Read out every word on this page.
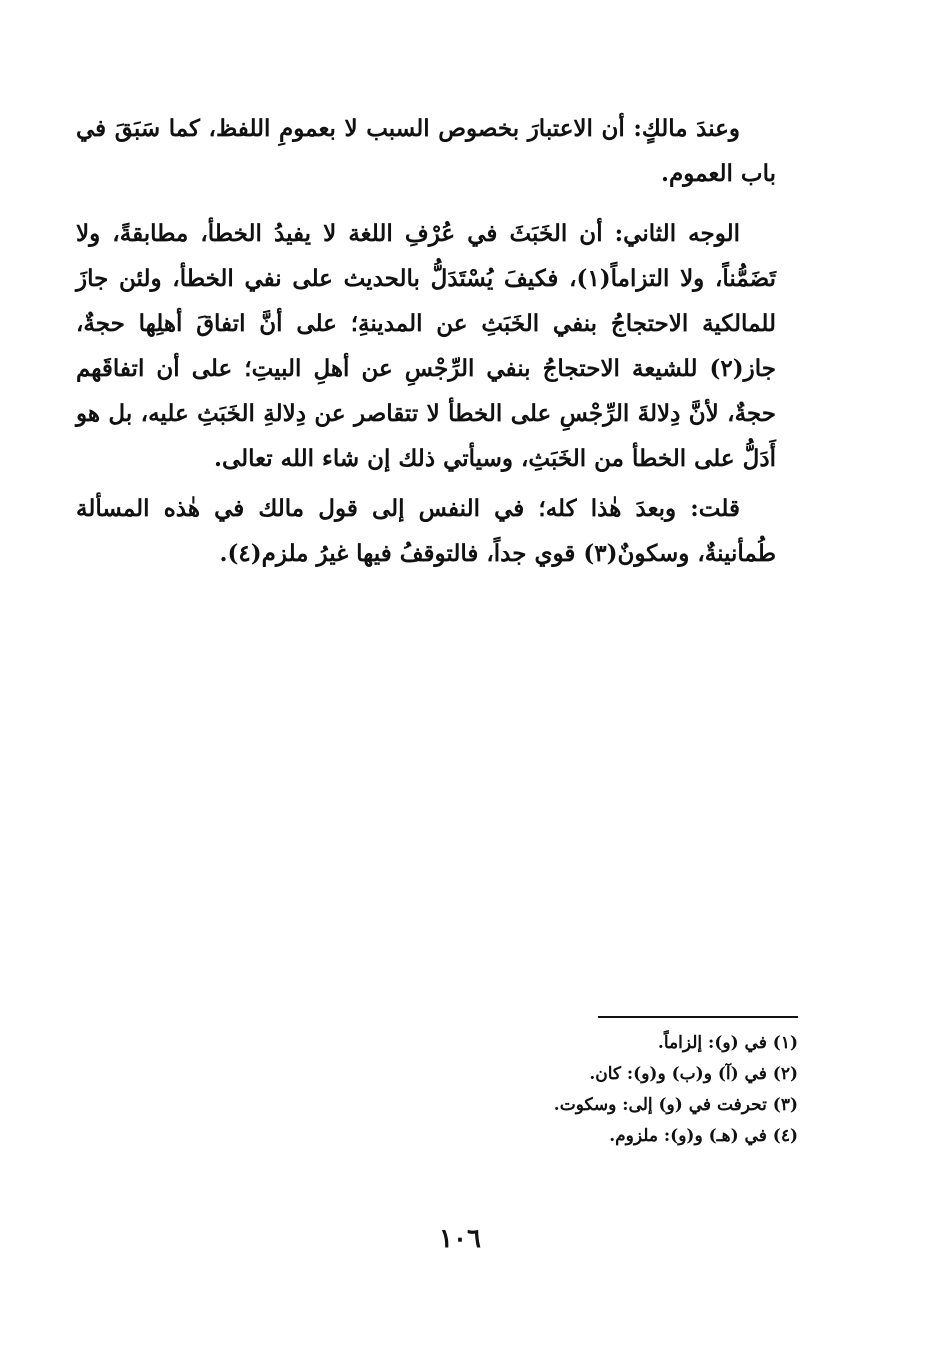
وعندَ مالكٍ: أن الاعتبارَ بخصوص السبب لا بعمومِ اللفظ، كما سَبَقَ في باب العموم.

الوجه الثاني: أن الخَبَثَ في عُرْفِ اللغة لا يفيدُ الخطأ، مطابقةً، ولا تَضَمُّناً، ولا التزاماً(١)، فكيفَ يُسْتَدَلُّ بالحديث على نفي الخطأ، ولئن جازَ للمالكية الاحتجاجُ بنفي الخَبَثِ عن المدينةِ؛ على أنَّ اتفاقَ أهلِها حجةٌ، جاز(٢) للشيعة الاحتجاجُ بنفي الرِّجْسِ عن أهلِ البيتِ؛ على أن اتفاقَهم حجةٌ، لأنَّ دِلالةَ الرِّجْسِ على الخطأ لا تتقاصر عن دِلالةِ الخَبَثِ عليه، بل هو أَدَلُّ على الخطأ من الخَبَثِ، وسيأتي ذلك إن شاء الله تعالى.

قلت: وبعدَ هٰذا كله؛ في النفس إلى قول مالك في هٰذه المسألة طُمأنينةٌ، وسكونٌ(٣) قوي جداً، فالتوقفُ فيها غيرُ ملزم(٤).

(١) في (و): إلزاماً.
(٢) في (آ) و(ب) و(و): كان.
(٣) تحرفت في (و) إلى: وسكوت.
(٤) في (هـ) و(و): ملزوم.
١٠٦
